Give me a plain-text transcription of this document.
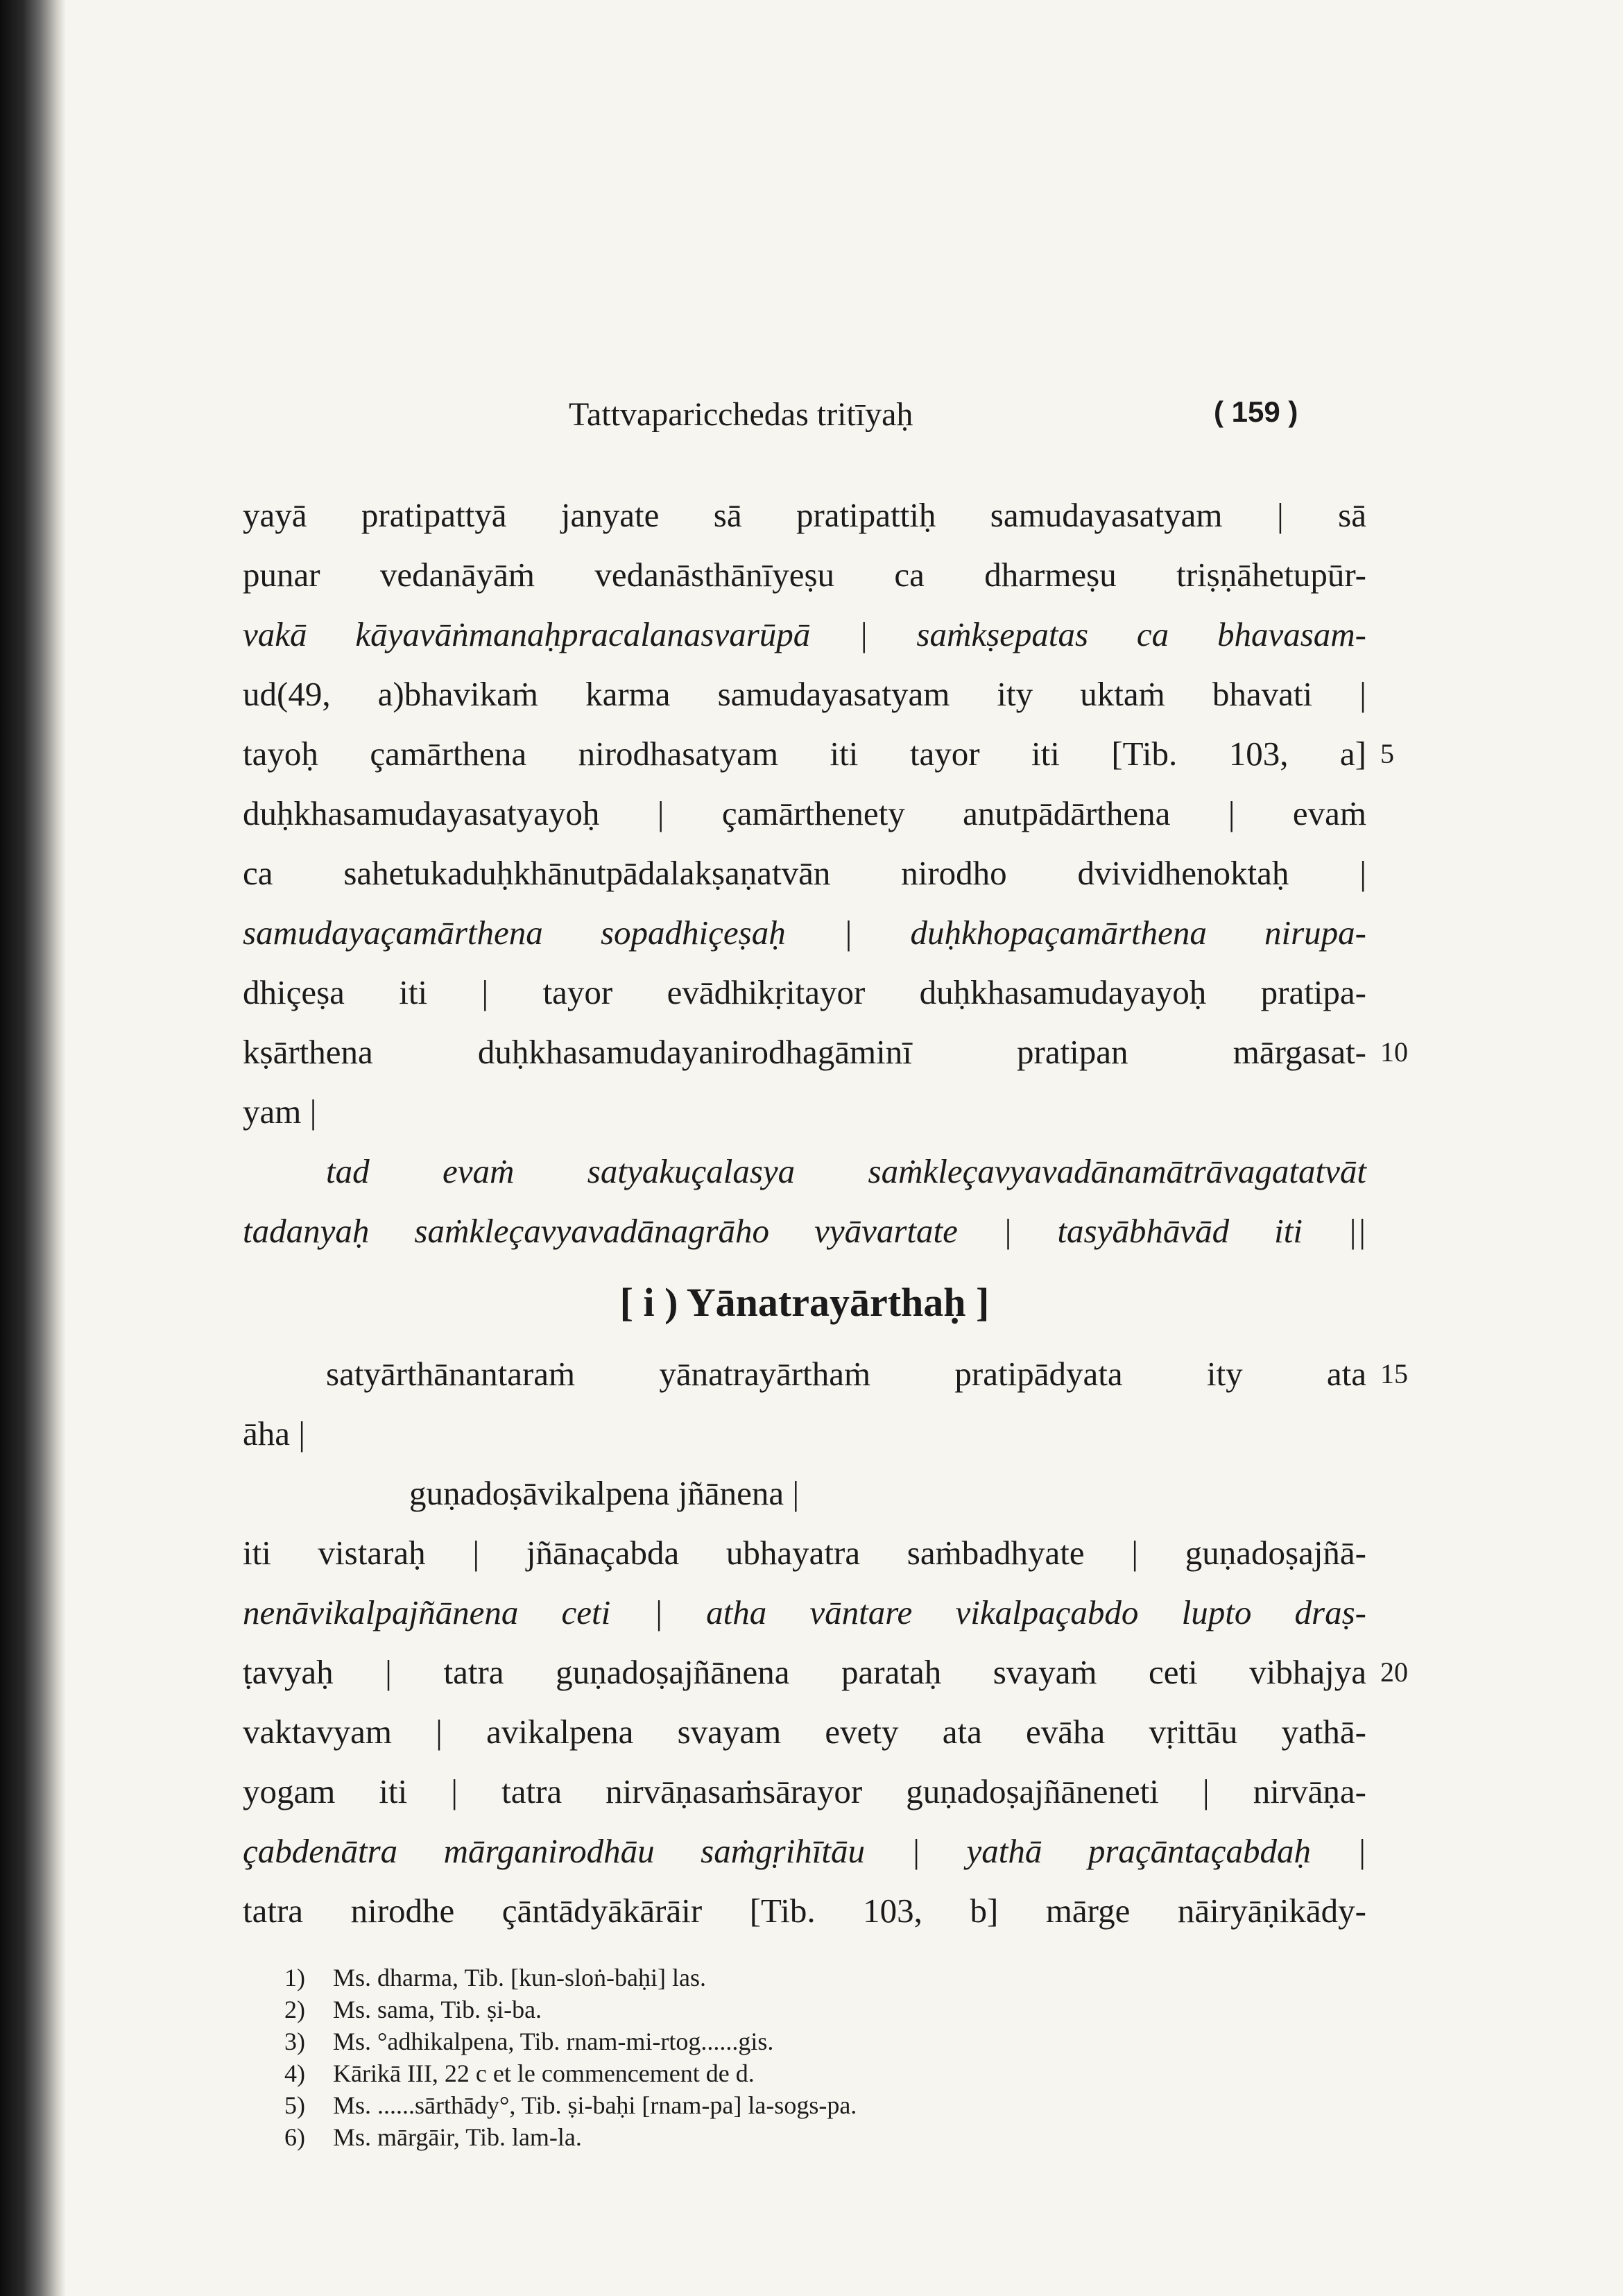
Tattvaparicchedas tritīyaḥ	( 159 )
yayā pratipattyā janyate sā pratipattiḥ samudayasatyam | sā
punar vedanāyāṁ vedanāsthānīyeṣu ca dharmeṣu triṣṇāhetupūr-
vakā kāyavāṅmanaḥpracalanasvarūpā | saṁkṣepatas ca bhavasam-
ud(49, a)bhavikaṁ karma samudayasatyam ity uktaṁ bhavati |
tayoḥ çamārthena nirodhasatyam iti tayor iti [Tib. 103, a] 5
duḥkhasamudayasatyayoḥ | çamārthenety anutpādārthena | evaṁ
ca sahetukaduḥkhānutpādalakṣaṇatvān nirodho dvividhenoktaḥ |
samudayaçamārthena sopadhiçeṣaḥ | duḥkhopaçamārthena nirupa-
dhiçeṣa iti | tayor evādhikṛitayor duḥkhasamudayayoḥ pratipa-
kṣārthena duḥkhasamudayanirodhagāminī pratipan mārgasat- 10
yam |
tad evaṁ satyakuçalasya saṁkleçavyavadānamātrāvagatatvāt
tadanyaḥ saṁkleçavyavadānagrāho vyāvartate | tasyābhāvād iti ||
[ i ) Yānatrayārthaḥ ]
satyārthānantaraṁ yānatrayārthaṁ pratipādyata ity ata 15
āha |
guṇadoṣāvikalpena jñānena |
iti vistaraḥ | jñānaçabda ubhayatra saṁbadhyate | guṇadoṣajñā-
nenāvikalpajñānena ceti | atha vāntare vikalpaçabdo lupto draṣ-
ṭavyaḥ | tatra guṇadoṣajñānena parataḥ svayaṁ ceti vibhajya 20
vaktavyam | avikalpena svayam evety ata evāha vṛittāu yathā-
yogam iti | tatra nirvāṇasaṁsārayor guṇadoṣajñāneneti | nirvāṇa-
çabdenātra mārganirodhāu saṁgṛihītāu | yathā praçāntaçabdaḥ |
tatra nirodhe çāntādyākārāir [Tib. 103, b] mārge nāiryāṇikādy-
1) Ms. dharma, Tib. [kun-sloṅ-baḥi] las.
2) Ms. sama, Tib. ṣi-ba.
3) Ms. °adhikalpena, Tib. rnam-mi-rtog......gis.
4) Kārikā III, 22 c et le commencement de d.
5) Ms. ......sārthādy°, Tib. ṣi-baḥi [rnam-pa] la-sogs-pa.
6) Ms. mārgāir, Tib. lam-la.
